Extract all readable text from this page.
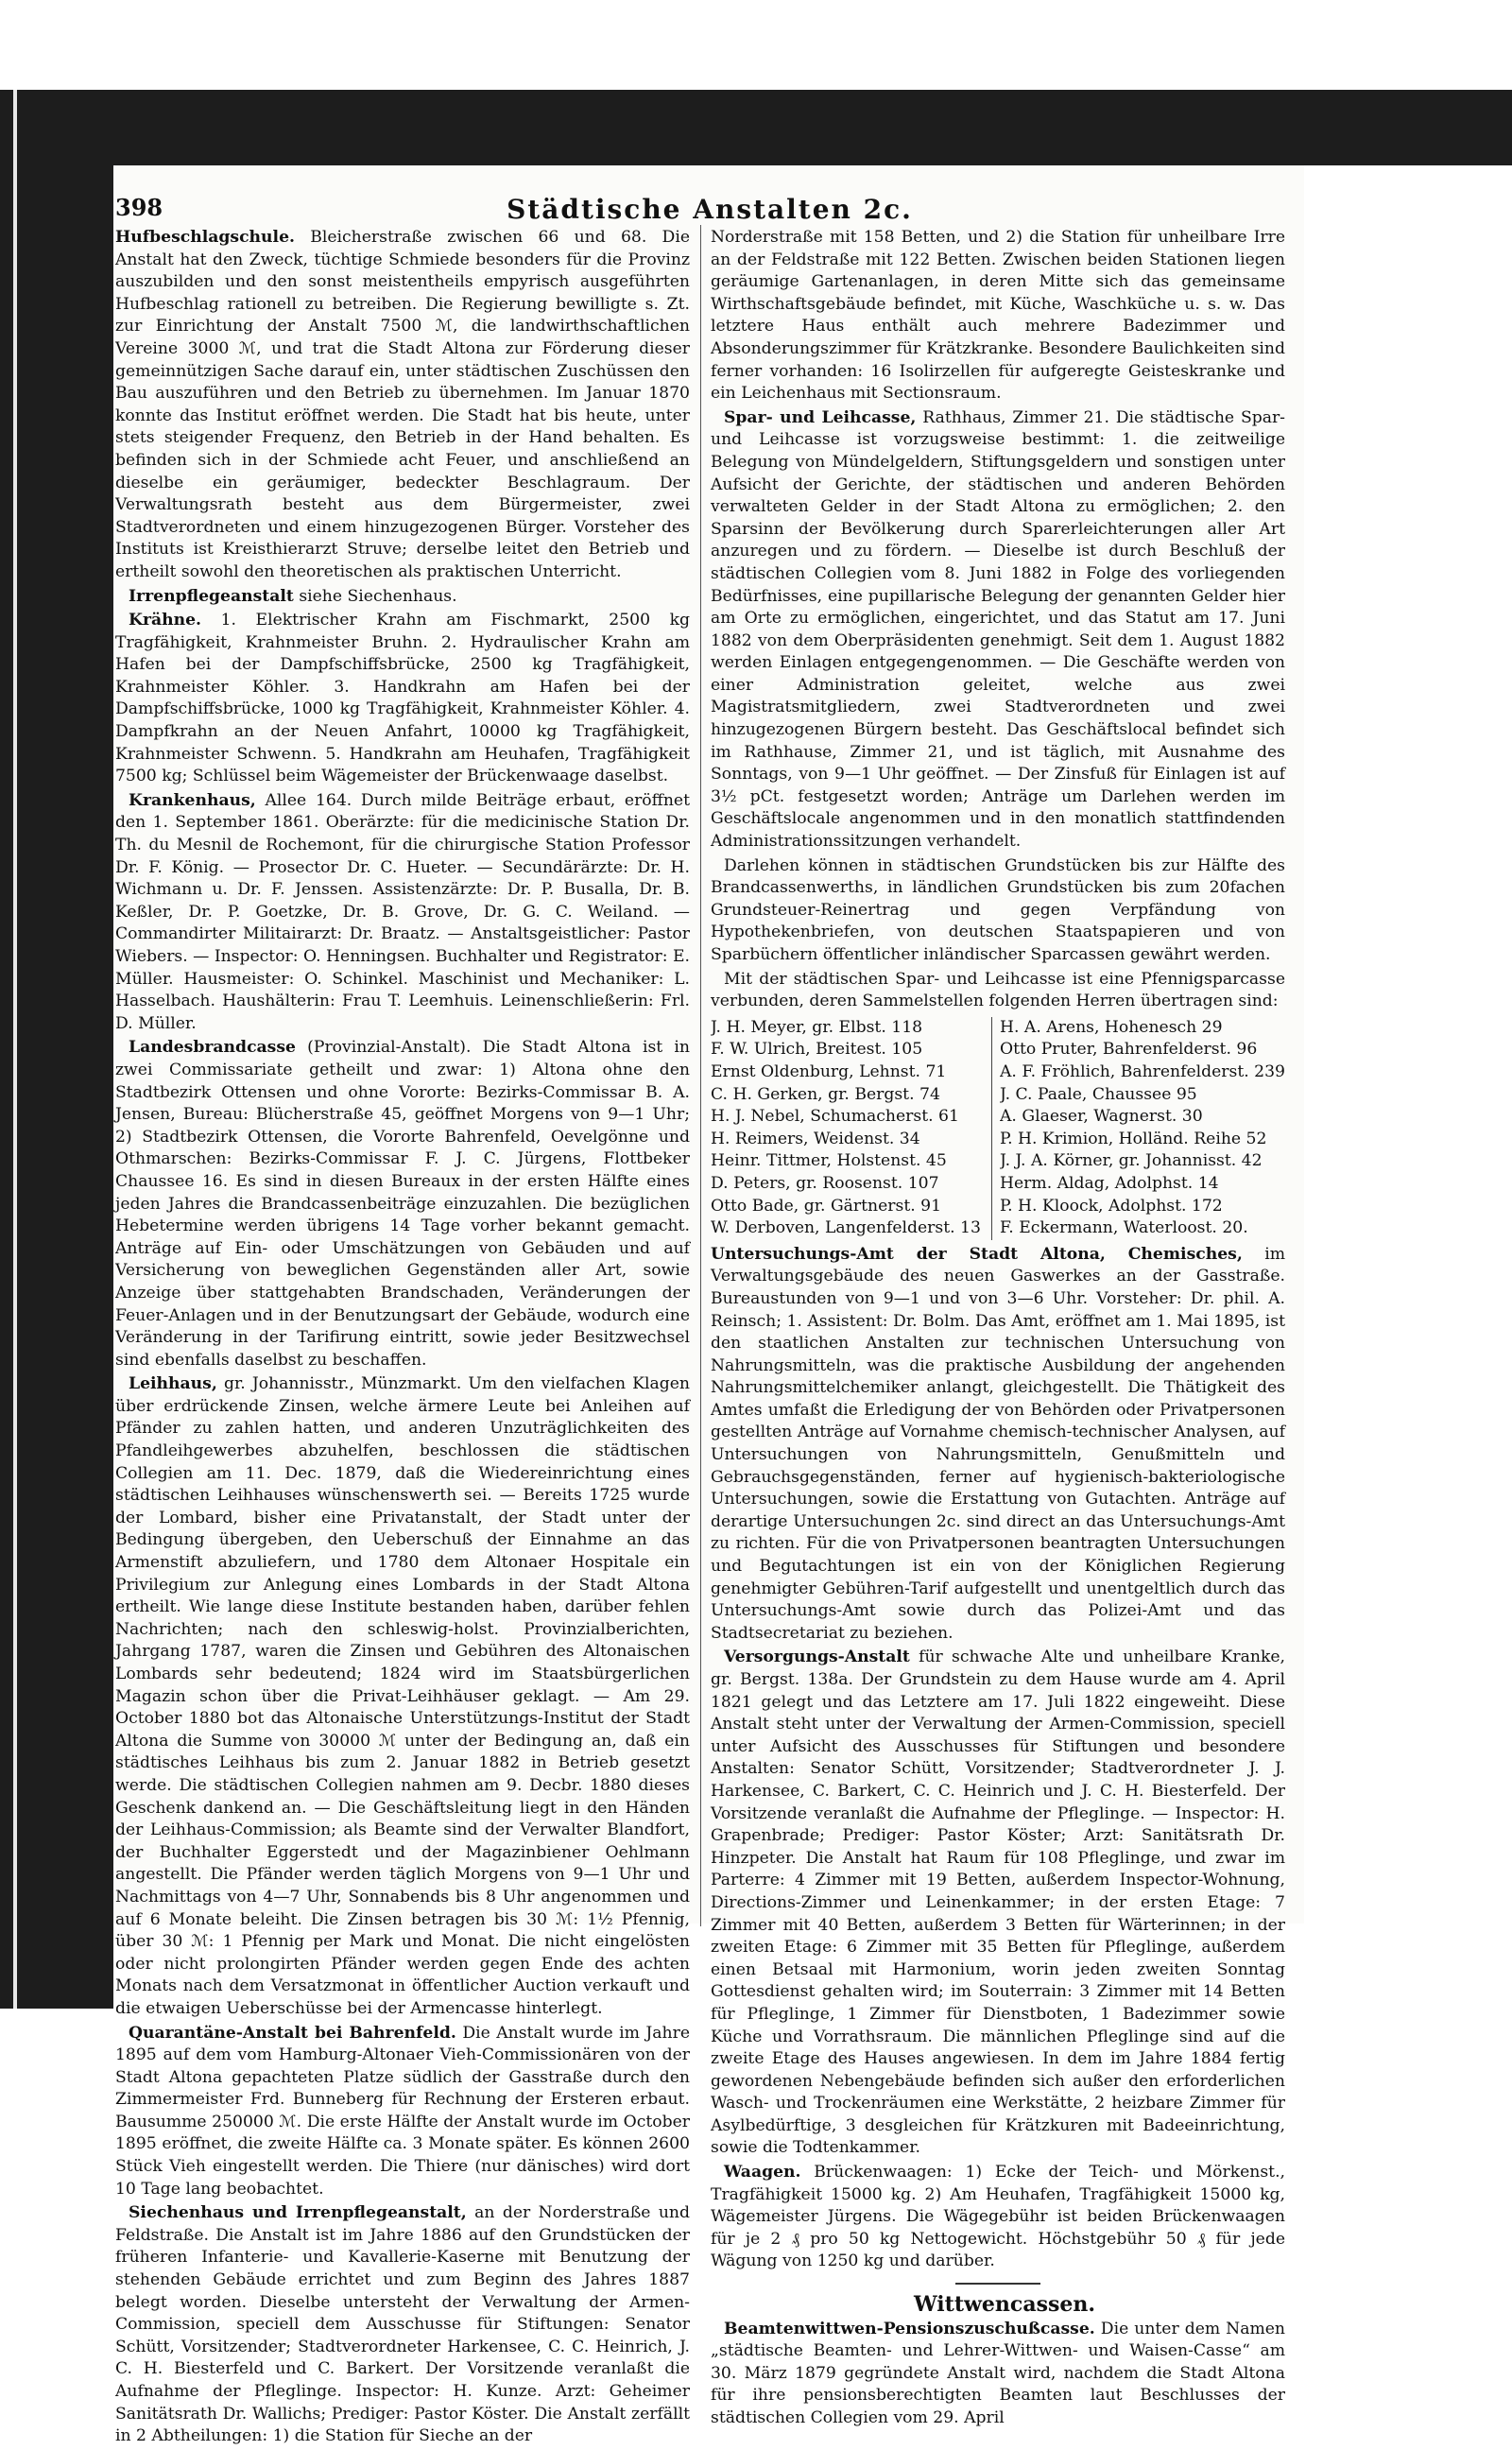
398	Städtische Anstalten 2c.

Hufbeschlagschule. Bleicherstraße zwischen 66 und 68. Die Anstalt hat den Zweck, tüchtige Schmiede besonders für die Provinz auszubilden und den sonst meistentheils empyrisch ausgeführten Hufbeschlag rationell zu betreiben. Die Regierung bewilligte s. Zt. zur Einrichtung der Anstalt 7500 ℳ, die landwirthschaftlichen Vereine 3000 ℳ, und trat die Stadt Altona zur Förderung dieser gemeinnützigen Sache darauf ein, unter städtischen Zuschüssen den Bau auszuführen und den Betrieb zu übernehmen. Im Januar 1870 konnte das Institut eröffnet werden. Die Stadt hat bis heute, unter stets steigender Frequenz, den Betrieb in der Hand behalten. Es befinden sich in der Schmiede acht Feuer, und anschließend an dieselbe ein geräumiger, bedeckter Beschlagraum. Der Verwaltungsrath besteht aus dem Bürgermeister, zwei Stadtverordneten und einem hinzugezogenen Bürger. Vorsteher des Instituts ist Kreisthierarzt Struve; derselbe leitet den Betrieb und ertheilt sowohl den theoretischen als praktischen Unterricht.

Irrenpflegeanstalt siehe Siechenhaus.

Krähne. 1. Elektrischer Krahn am Fischmarkt, 2500 kg Tragfähigkeit, Krahnmeister Bruhn. 2. Hydraulischer Krahn am Hafen bei der Dampfschiffsbrücke, 2500 kg Tragfähigkeit, Krahnmeister Köhler. 3. Handkrahn am Hafen bei der Dampfschiffsbrücke, 1000 kg Tragfähigkeit, Krahnmeister Köhler. 4. Dampfkrahn an der Neuen Anfahrt, 10000 kg Tragfähigkeit, Krahnmeister Schwenn. 5. Handkrahn am Heuhafen, Tragfähigkeit 7500 kg; Schlüssel beim Wägemeister der Brückenwaage daselbst.

Krankenhaus, Allee 164. Durch milde Beiträge erbaut, eröffnet den 1. September 1861. Oberärzte: für die medicinische Station Dr. Th. du Mesnil de Rochemont, für die chirurgische Station Professor Dr. F. König. — Prosector Dr. C. Hueter. — Secundärärzte: Dr. H. Wichmann u. Dr. F. Jenssen. Assistenzärzte: Dr. P. Busalla, Dr. B. Keßler, Dr. P. Goetzke, Dr. B. Grove, Dr. G. C. Weiland. — Commandirter Militairarzt: Dr. Braatz. — Anstaltsgeistlicher: Pastor Wiebers. — Inspector: O. Henningsen. Buchhalter und Registrator: E. Müller. Hausmeister: O. Schinkel. Maschinist und Mechaniker: L. Hasselbach. Haushälterin: Frau T. Leemhuis. Leinenschließerin: Frl. D. Müller.

Landesbrandcasse (Provinzial-Anstalt). Die Stadt Altona ist in zwei Commissariate getheilt und zwar: 1) Altona ohne den Stadtbezirk Ottensen und ohne Vororte: Bezirks-Commissar B. A. Jensen, Bureau: Blücherstraße 45, geöffnet Morgens von 9—1 Uhr; 2) Stadtbezirk Ottensen, die Vororte Bahrenfeld, Oevelgönne und Othmarschen: Bezirks-Commissar F. J. C. Jürgens, Flottbeker Chaussee 16. Es sind in diesen Bureaux in der ersten Hälfte eines jeden Jahres die Brandcassenbeiträge einzuzahlen. Die bezüglichen Hebetermine werden übrigens 14 Tage vorher bekannt gemacht. Anträge auf Ein- oder Umschätzungen von Gebäuden und auf Versicherung von beweglichen Gegenständen aller Art, sowie Anzeige über stattgehabten Brandschaden, Veränderungen der Feuer-Anlagen und in der Benutzungsart der Gebäude, wodurch eine Veränderung in der Tarifirung eintritt, sowie jeder Besitzwechsel sind ebenfalls daselbst zu beschaffen.

Leihhaus, gr. Johannisstr., Münzmarkt. Um den vielfachen Klagen über erdrückende Zinsen, welche ärmere Leute bei Anleihen auf Pfänder zu zahlen hatten, und anderen Unzuträglichkeiten des Pfandleihgewerbes abzuhelfen, beschlossen die städtischen Collegien am 11. Dec. 1879, daß die Wiedereinrichtung eines städtischen Leihhauses wünschenswerth sei. — Bereits 1725 wurde der Lombard, bisher eine Privatanstalt, der Stadt unter der Bedingung übergeben, den Ueberschuß der Einnahme an das Armenstift abzuliefern, und 1780 dem Altonaer Hospitale ein Privilegium zur Anlegung eines Lombards in der Stadt Altona ertheilt. Wie lange diese Institute bestanden haben, darüber fehlen Nachrichten; nach den schleswig-holst. Provinzialberichten, Jahrgang 1787, waren die Zinsen und Gebühren des Altonaischen Lombards sehr bedeutend; 1824 wird im Staatsbürgerlichen Magazin schon über die Privat-Leihhäuser geklagt. — Am 29. October 1880 bot das Altonaische Unterstützungs-Institut der Stadt Altona die Summe von 30000 ℳ unter der Bedingung an, daß ein städtisches Leihhaus bis zum 2. Januar 1882 in Betrieb gesetzt werde. Die städtischen Collegien nahmen am 9. Decbr. 1880 dieses Geschenk dankend an. — Die Geschäftsleitung liegt in den Händen der Leihhaus-Commission; als Beamte sind der Verwalter Blandfort, der Buchhalter Eggerstedt und der Magazinbiener Oehlmann angestellt. Die Pfänder werden täglich Morgens von 9—1 Uhr und Nachmittags von 4—7 Uhr, Sonnabends bis 8 Uhr angenommen und auf 6 Monate beleiht. Die Zinsen betragen bis 30 ℳ: 1½ Pfennig, über 30 ℳ: 1 Pfennig per Mark und Monat. Die nicht eingelösten oder nicht prolongirten Pfänder werden gegen Ende des achten Monats nach dem Versatzmonat in öffentlicher Auction verkauft und die etwaigen Ueberschüsse bei der Armencasse hinterlegt.

Quarantäne-Anstalt bei Bahrenfeld. Die Anstalt wurde im Jahre 1895 auf dem vom Hamburg-Altonaer Vieh-Commissionären von der Stadt Altona gepachteten Platze südlich der Gasstraße durch den Zimmermeister Frd. Bunneberg für Rechnung der Ersteren erbaut. Bausumme 250000 ℳ. Die erste Hälfte der Anstalt wurde im October 1895 eröffnet, die zweite Hälfte ca. 3 Monate später. Es können 2600 Stück Vieh eingestellt werden. Die Thiere (nur dänisches) wird dort 10 Tage lang beobachtet.

Siechenhaus und Irrenpflegeanstalt, an der Norderstraße und Feldstraße. Die Anstalt ist im Jahre 1886 auf den Grundstücken der früheren Infanterie- und Kavallerie-Kaserne mit Benutzung der stehenden Gebäude errichtet und zum Beginn des Jahres 1887 belegt worden. Dieselbe untersteht der Verwaltung der Armen-Commission, speciell dem Ausschusse für Stiftungen: Senator Schütt, Vorsitzender; Stadtverordneter Harkensee, C. C. Heinrich, J. C. H. Biesterfeld und C. Barkert. Der Vorsitzende veranlaßt die Aufnahme der Pfleglinge. Inspector: H. Kunze. Arzt: Geheimer Sanitätsrath Dr. Wallichs; Prediger: Pastor Köster. Die Anstalt zerfällt in 2 Abtheilungen: 1) die Station für Sieche an der

Norderstraße mit 158 Betten, und 2) die Station für unheilbare Irre an der Feldstraße mit 122 Betten. Zwischen beiden Stationen liegen geräumige Gartenanlagen, in deren Mitte sich das gemeinsame Wirthschaftsgebäude befindet, mit Küche, Waschküche u. s. w. Das letztere Haus enthält auch mehrere Badezimmer und Absonderungszimmer für Krätzkranke. Besondere Baulichkeiten sind ferner vorhanden: 16 Isolirzellen für aufgeregte Geisteskranke und ein Leichenhaus mit Sectionsraum.

Spar- und Leihcasse, Rathhaus, Zimmer 21. Die städtische Spar- und Leihcasse ist vorzugsweise bestimmt: 1. die zeitweilige Belegung von Mündelgeldern, Stiftungsgeldern und sonstigen unter Aufsicht der Gerichte, der städtischen und anderen Behörden verwalteten Gelder in der Stadt Altona zu ermöglichen; 2. den Sparsinn der Bevölkerung durch Sparerleichterungen aller Art anzuregen und zu fördern. — Dieselbe ist durch Beschluß der städtischen Collegien vom 8. Juni 1882 in Folge des vorliegenden Bedürfnisses, eine pupillarische Belegung der genannten Gelder hier am Orte zu ermöglichen, eingerichtet, und das Statut am 17. Juni 1882 von dem Oberpräsidenten genehmigt. Seit dem 1. August 1882 werden Einlagen entgegengenommen. — Die Geschäfte werden von einer Administration geleitet, welche aus zwei Magistratsmitgliedern, zwei Stadtverordneten und zwei hinzugezogenen Bürgern besteht. Das Geschäftslocal befindet sich im Rathhause, Zimmer 21, und ist täglich, mit Ausnahme des Sonntags, von 9—1 Uhr geöffnet. — Der Zinsfuß für Einlagen ist auf 3½ pCt. festgesetzt worden; Anträge um Darlehen werden im Geschäftslocale angenommen und in den monatlich stattfindenden Administrationssitzungen verhandelt.

Darlehen können in städtischen Grundstücken bis zur Hälfte des Brandcassenwerths, in ländlichen Grundstücken bis zum 20fachen Grundsteuer-Reinertrag und gegen Verpfändung von Hypothekenbriefen, von deutschen Staatspapieren und von Sparbüchern öffentlicher inländischer Sparcassen gewährt werden.

Mit der städtischen Spar- und Leihcasse ist eine Pfennigsparcasse verbunden, deren Sammelstellen folgenden Herren übertragen sind:

J. H. Meyer, gr. Elbst. 118
F. W. Ulrich, Breitest. 105
Ernst Oldenburg, Lehnst. 71
C. H. Gerken, gr. Bergst. 74
H. J. Nebel, Schumacherst. 61
H. Reimers, Weidenst. 34
Heinr. Tittmer, Holstenst. 45
D. Peters, gr. Roosenst. 107
Otto Bade, gr. Gärtnerst. 91
W. Derboven, Langenfelderst. 13
H. A. Arens, Hohenesch 29
Otto Pruter, Bahrenfelderst. 96
A. F. Fröhlich, Bahrenfelderst. 239
J. C. Paale, Chaussee 95
A. Glaeser, Wagnerst. 30
P. H. Krimion, Holländ. Reihe 52
J. J. A. Körner, gr. Johannisst. 42
Herm. Aldag, Adolphst. 14
P. H. Kloock, Adolphst. 172
F. Eckermann, Waterloost. 20.

Untersuchungs-Amt der Stadt Altona, Chemisches, im Verwaltungsgebäude des neuen Gaswerkes an der Gasstraße. Bureaustunden von 9—1 und von 3—6 Uhr. Vorsteher: Dr. phil. A. Reinsch; 1. Assistent: Dr. Bolm. Das Amt, eröffnet am 1. Mai 1895, ist den staatlichen Anstalten zur technischen Untersuchung von Nahrungsmitteln, was die praktische Ausbildung der angehenden Nahrungsmittelchemiker anlangt, gleichgestellt. Die Thätigkeit des Amtes umfaßt die Erledigung der von Behörden oder Privatpersonen gestellten Anträge auf Vornahme chemisch-technischer Analysen, auf Untersuchungen von Nahrungsmitteln, Genußmitteln und Gebrauchsgegenständen, ferner auf hygienisch-bakteriologische Untersuchungen, sowie die Erstattung von Gutachten. Anträge auf derartige Untersuchungen 2c. sind direct an das Untersuchungs-Amt zu richten. Für die von Privatpersonen beantragten Untersuchungen und Begutachtungen ist ein von der Königlichen Regierung genehmigter Gebühren-Tarif aufgestellt und unentgeltlich durch das Untersuchungs-Amt sowie durch das Polizei-Amt und das Stadtsecretariat zu beziehen.

Versorgungs-Anstalt für schwache Alte und unheilbare Kranke, gr. Bergst. 138a. Der Grundstein zu dem Hause wurde am 4. April 1821 gelegt und das Letztere am 17. Juli 1822 eingeweiht. Diese Anstalt steht unter der Verwaltung der Armen-Commission, speciell unter Aufsicht des Ausschusses für Stiftungen und besondere Anstalten: Senator Schütt, Vorsitzender; Stadtverordneter J. J. Harkensee, C. Barkert, C. C. Heinrich und J. C. H. Biesterfeld. Der Vorsitzende veranlaßt die Aufnahme der Pfleglinge. — Inspector: H. Grapenbrade; Prediger: Pastor Köster; Arzt: Sanitätsrath Dr. Hinzpeter. Die Anstalt hat Raum für 108 Pfleglinge, und zwar im Parterre: 4 Zimmer mit 19 Betten, außerdem Inspector-Wohnung, Directions-Zimmer und Leinenkammer; in der ersten Etage: 7 Zimmer mit 40 Betten, außerdem 3 Betten für Wärterinnen; in der zweiten Etage: 6 Zimmer mit 35 Betten für Pfleglinge, außerdem einen Betsaal mit Harmonium, worin jeden zweiten Sonntag Gottesdienst gehalten wird; im Souterrain: 3 Zimmer mit 14 Betten für Pfleglinge, 1 Zimmer für Dienstboten, 1 Badezimmer sowie Küche und Vorrathsraum. Die männlichen Pfleglinge sind auf die zweite Etage des Hauses angewiesen. In dem im Jahre 1884 fertig gewordenen Nebengebäude befinden sich außer den erforderlichen Wasch- und Trockenräumen eine Werkstätte, 2 heizbare Zimmer für Asylbedürftige, 3 desgleichen für Krätzkuren mit Badeeinrichtung, sowie die Todtenkammer.

Waagen. Brückenwaagen: 1) Ecke der Teich- und Mörkenst., Tragfähigkeit 15000 kg. 2) Am Heuhafen, Tragfähigkeit 15000 kg, Wägemeister Jürgens. Die Wägegebühr ist beiden Brückenwaagen für je 2 ₰ pro 50 kg Nettogewicht. Höchstgebühr 50 ₰ für jede Wägung von 1250 kg und darüber.

Wittwencassen.

Beamtenwittwen-Pensionszuschußcasse. Die unter dem Namen „städtische Beamten- und Lehrer-Wittwen- und Waisen-Casse“ am 30. März 1879 gegründete Anstalt wird, nachdem die Stadt Altona für ihre pensionsberechtigten Beamten laut Beschlusses der städtischen Collegien vom 29. April
